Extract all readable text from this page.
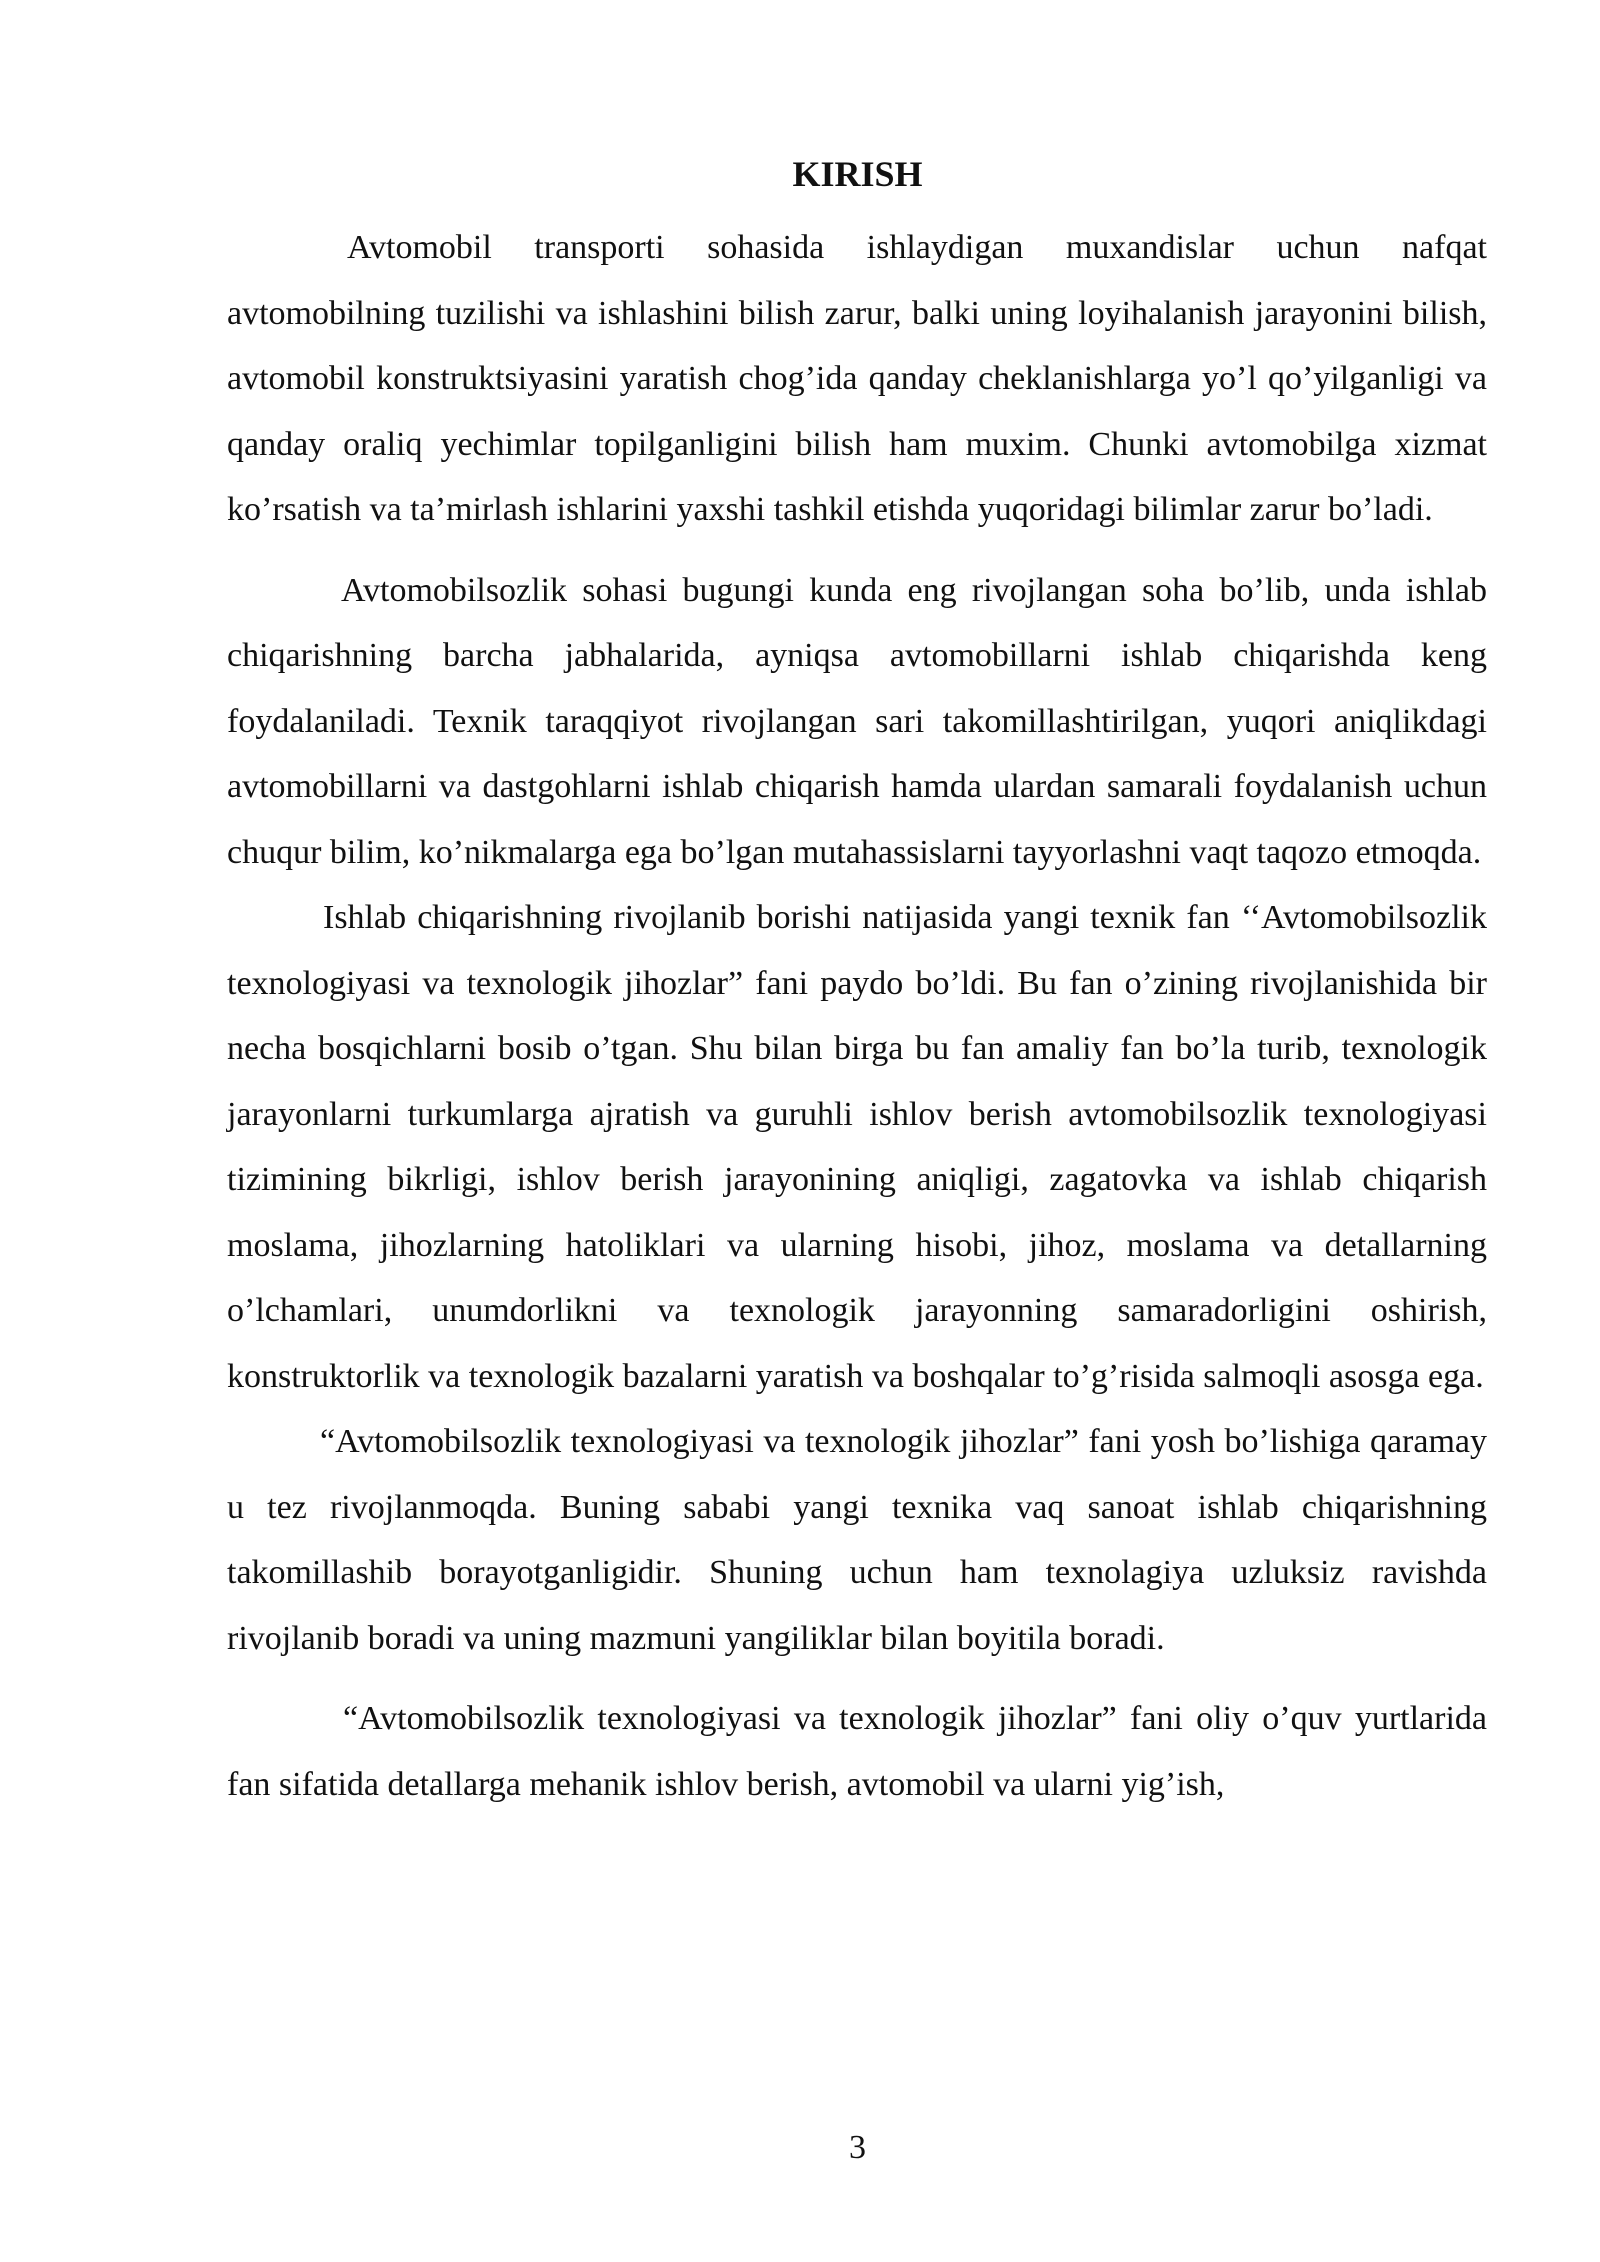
KIRISH

Avtomobil transporti sohasida ishlaydigan muxandislar uchun nafqat avtomobilning tuzilishi va ishlashini bilish zarur, balki uning loyihalanish jarayonini bilish, avtomobil konstruktsiyasini yaratish chog’ida qanday cheklanishlarga yo’l qo’yilganligi va qanday oraliq yechimlar topilganligini bilish ham muxim. Chunki avtomobilga xizmat ko’rsatish va ta’mirlash ishlarini yaxshi tashkil etishda yuqoridagi bilimlar zarur bo’ladi.

Avtomobilsozlik sohasi bugungi kunda eng rivojlangan soha bo’lib, unda ishlab chiqarishning barcha jabhalarida, ayniqsa avtomobillarni ishlab chiqarishda keng foydalaniladi. Texnik taraqqiyot rivojlangan sari takomillashtirilgan, yuqori aniqlikdagi avtomobillarni va dastgohlarni ishlab chiqarish hamda ulardan samarali foydalanish uchun chuqur bilim, ko’nikmalarga ega bo’lgan mutahassislarni tayyorlashni vaqt taqozo etmoqda.

Ishlab chiqarishning rivojlanib borishi natijasida yangi texnik fan ‘‘Avtomobilsozlik texnologiyasi va texnologik jihozlar” fani paydo bo’ldi. Bu fan o’zining rivojlanishida bir necha bosqichlarni bosib o’tgan. Shu bilan birga bu fan amaliy fan bo’la turib, texnologik jarayonlarni turkumlarga ajratish va guruhli ishlov berish avtomobilsozlik texnologiyasi tizimining bikrligi, ishlov berish jarayonining aniqligi, zagatovka va ishlab chiqarish moslama, jihozlarning hatoliklari va ularning hisobi, jihoz, moslama va detallarning o’lchamlari, unumdorlikni va texnologik jarayonning samaradorligini oshirish, konstruktorlik va texnologik bazalarni yaratish va boshqalar to’g’risida salmoqli asosga ega.

“Avtomobilsozlik texnologiyasi va texnologik jihozlar” fani yosh bo’lishiga qaramay u tez rivojlanmoqda. Buning sababi yangi texnika vaq sanoat ishlab chiqarishning takomillashib borayotganligidir. Shuning uchun ham texnolagiya uzluksiz ravishda rivojlanib boradi va uning mazmuni yangiliklar bilan boyitila boradi.

“Avtomobilsozlik texnologiyasi va texnologik jihozlar” fani oliy o’quv yurtlarida fan sifatida detallarga mehanik ishlov berish, avtomobil va ularni yig’ish,

3
